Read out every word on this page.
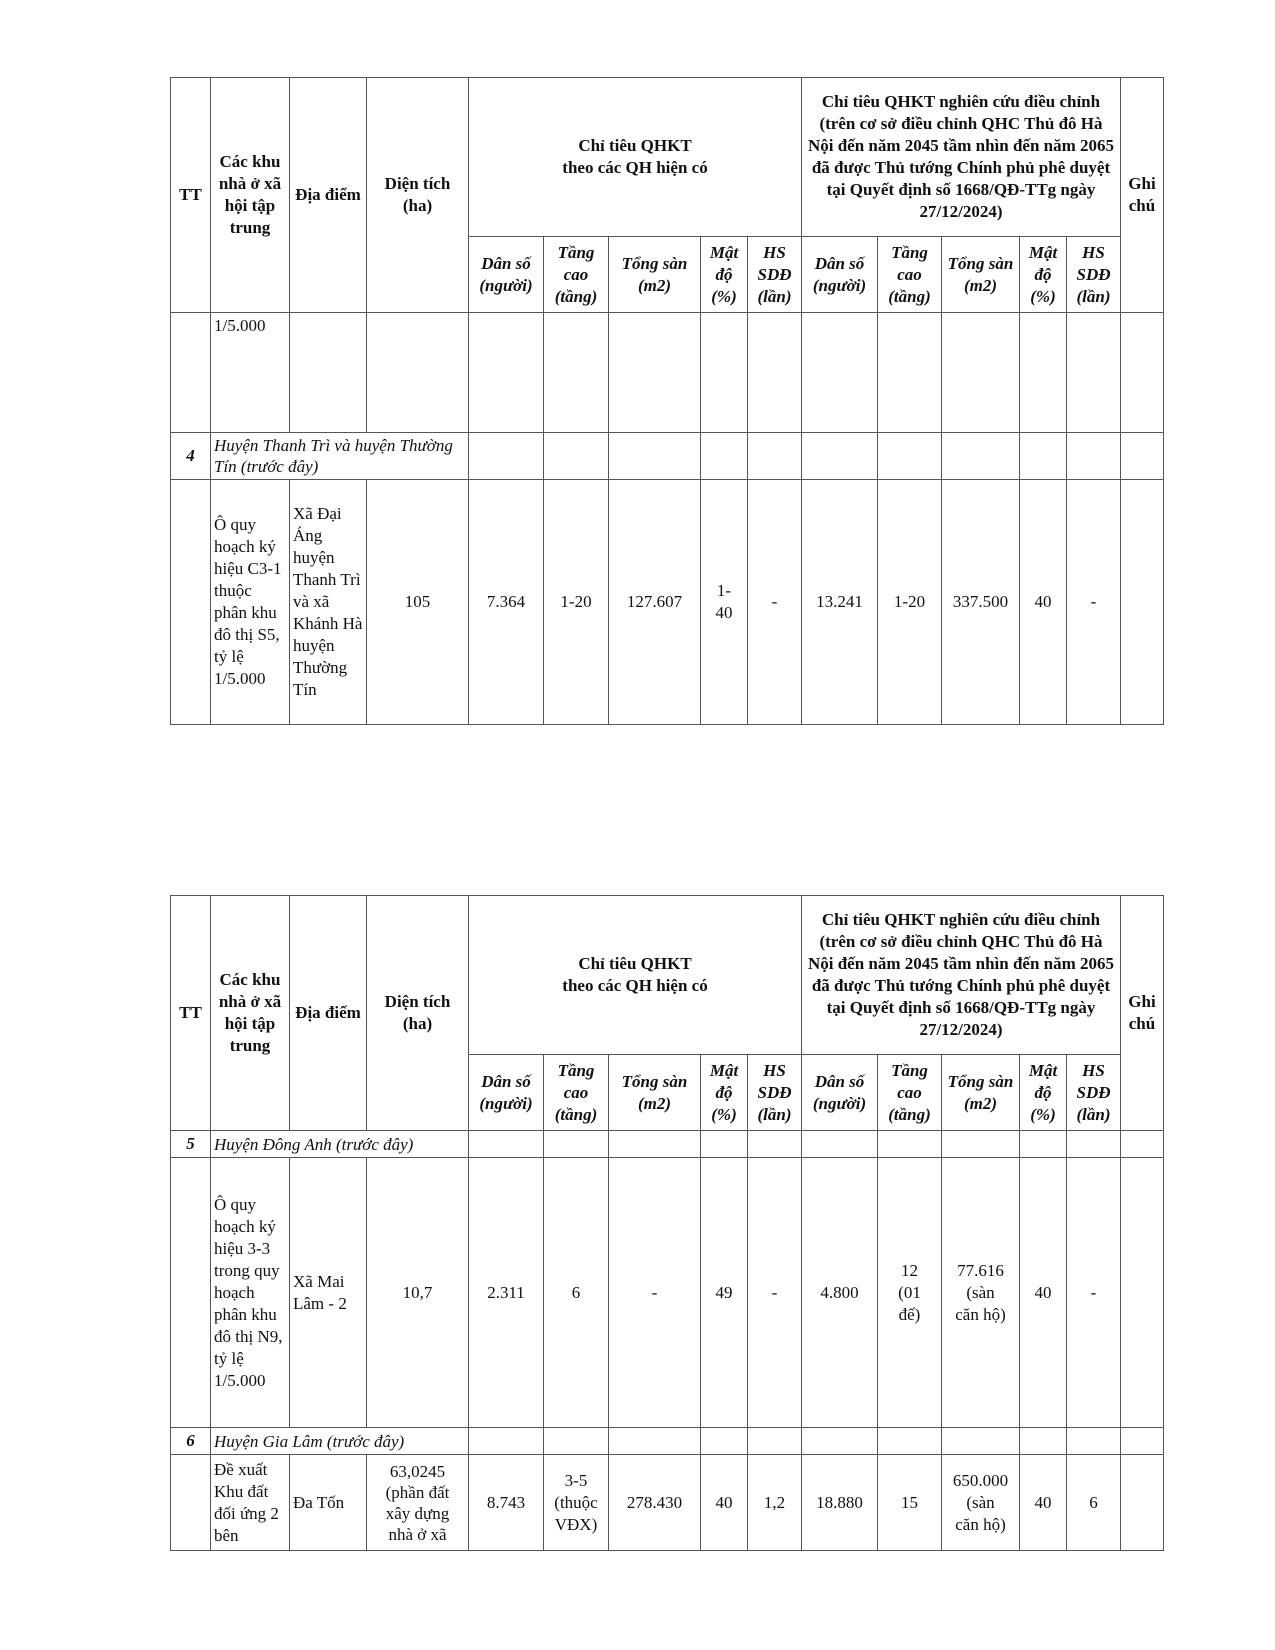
TT	Các khu nhà ở xã hội tập trung	Địa điểm	Diện tích (ha)	Chỉ tiêu QHKT
theo các QH hiện có					Chỉ tiêu QHKT nghiên cứu điều chỉnh (trên cơ sở điều chỉnh QHC Thủ đô Hà Nội đến năm 2045 tầm nhìn đến năm 2065 đã được Thủ tướng Chính phủ phê duyệt tại Quyết định số 1668/QĐ-TTg ngày 27/12/2024)					Ghi chú
				Dân số (người)	Tầng cao (tầng)	Tổng sàn (m2)	Mật độ (%)	HS SDĐ (lần)	Dân số (người)	Tầng cao (tầng)	Tổng sàn (m2)	Mật độ (%)	HS SDĐ (lần)	
	1/5.000													
4	Huyện Thanh Trì và huyện Thường Tín (trước đây)													
	Ô quy hoạch ký hiệu C3-1 thuộc phân khu đô thị S5, tỷ lệ 1/5.000	Xã Đại Áng huyện Thanh Trì và xã Khánh Hà huyện Thường Tín	105	7.364	1-20	127.607	1-
40	-	13.241	1-20	337.500	40	-	
TT	Các khu nhà ở xã hội tập trung	Địa điểm	Diện tích (ha)	Chỉ tiêu QHKT
theo các QH hiện có					Chỉ tiêu QHKT nghiên cứu điều chỉnh (trên cơ sở điều chỉnh QHC Thủ đô Hà Nội đến năm 2045 tầm nhìn đến năm 2065 đã được Thủ tướng Chính phủ phê duyệt tại Quyết định số 1668/QĐ-TTg ngày 27/12/2024)					Ghi chú
				Dân số (người)	Tầng cao (tầng)	Tổng sàn (m2)	Mật độ (%)	HS SDĐ (lần)	Dân số (người)	Tầng cao (tầng)	Tổng sàn (m2)	Mật độ (%)	HS SDĐ (lần)	
5	Huyện Đông Anh (trước đây)													
	Ô quy hoạch ký hiệu 3-3 trong quy hoạch phân khu đô thị N9, tỷ lệ 1/5.000	Xã Mai Lâm - 2	10,7	2.311	6	-	49	-	4.800	12
(01
đế)	77.616
(sàn
căn hộ)	40	-	
6	Huyện Gia Lâm (trước đây)													
	Đề xuất Khu đất đối ứng 2 bên	Đa Tốn	63,0245
(phần đất
xây dựng
nhà ở xã	8.743	3-5
(thuộc
VĐX)	278.430	40	1,2	18.880	15	650.000
(sàn
căn hộ)	40	6	
